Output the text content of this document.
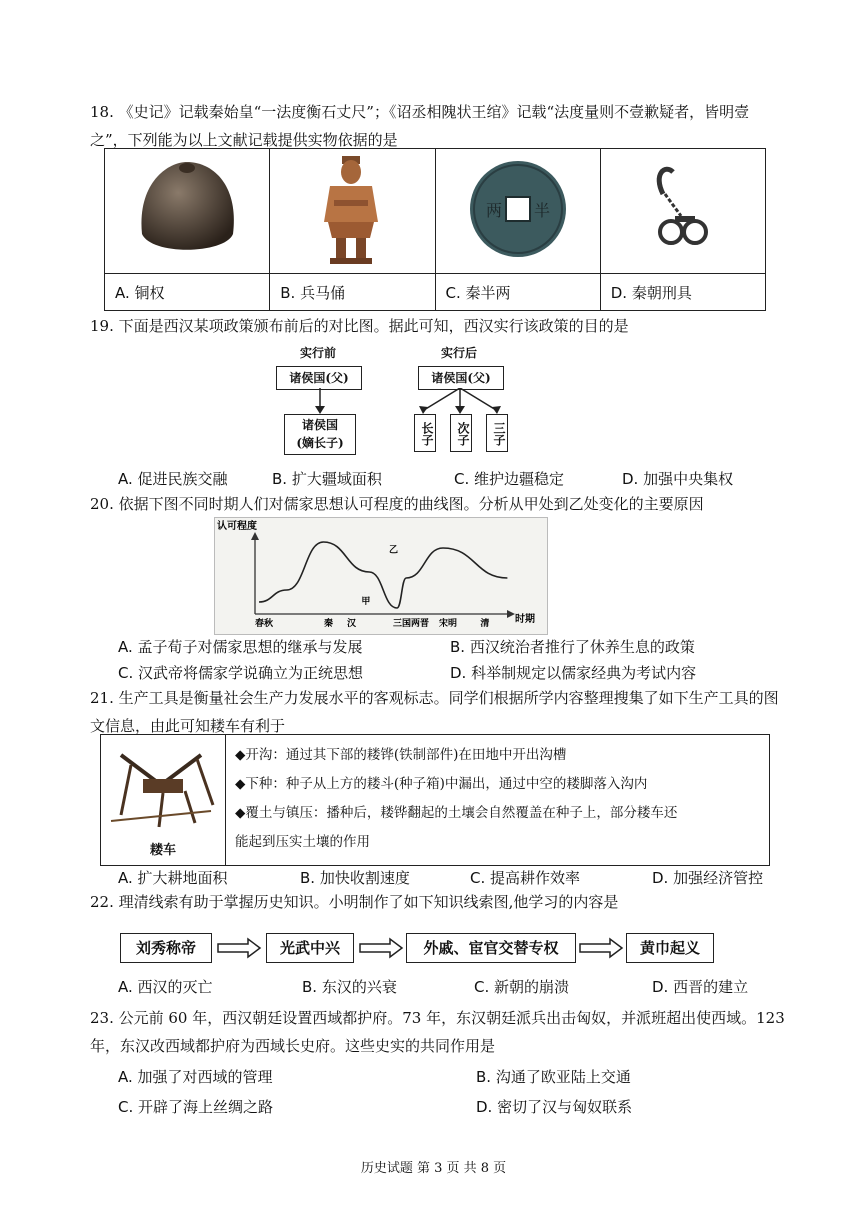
18. 《史记》记载秦始皇“一法度衡石丈尺”；《诏丞相隗状王绾》记载“法度量则不壹歉疑者，皆明壹

之”，下列能为以上文献记载提供实物依据的是

两 半

A. 铜权	B. 兵马俑	C. 秦半两	D. 秦朝刑具

19. 下面是西汉某项政策颁布前后的对比图。据此可知，西汉实行该政策的目的是

实行前	实行后
诸侯国(父)
诸侯国
(嫡长子)
诸侯国(父)
长子	次子	三子
A. 促进民族交融	B. 扩大疆域面积	C. 维护边疆稳定	D. 加强中央集权

20. 依据下图不同时期人们对儒家思想认可程度的曲线图。分析从甲处到乙处变化的主要原因

认可程度
时期
春秋	秦 汉	三国两晋 宋明	清
甲
乙
A. 孟子荀子对儒家思想的继承与发展	B. 西汉统治者推行了休养生息的政策
C. 汉武帝将儒家学说确立为正统思想	D. 科举制规定以儒家经典为考试内容

21. 生产工具是衡量社会生产力发展水平的客观标志。同学们根据所学内容整理搜集了如下生产工具的图

文信息，由此可知耧车有利于

耧车

◆开沟：通过其下部的耧铧(铁制部件)在田地中开出沟槽

◆下种：种子从上方的耧斗(种子箱)中漏出，通过中空的耧脚落入沟内

◆覆土与镇压：播种后，耧铧翻起的土壤会自然覆盖在种子上，部分耧车还

能起到压实土壤的作用

A. 扩大耕地面积	B. 加快收割速度	C. 提高耕作效率	D. 加强经济管控

22. 理清线索有助于掌握历史知识。小明制作了如下知识线索图,他学习的内容是

刘秀称帝	光武中兴	外戚、宦官交替专权	黄巾起义
A. 西汉的灭亡	B. 东汉的兴衰	C. 新朝的崩溃	D. 西晋的建立

23. 公元前 60 年，西汉朝廷设置西域都护府。73 年，东汉朝廷派兵出击匈奴，并派班超出使西域。123

年，东汉改西域都护府为西域长史府。这些史实的共同作用是

A. 加强了对西域的管理	B. 沟通了欧亚陆上交通
C. 开辟了海上丝绸之路	D. 密切了汉与匈奴联系
历史试题 第 3 页 共 8 页
